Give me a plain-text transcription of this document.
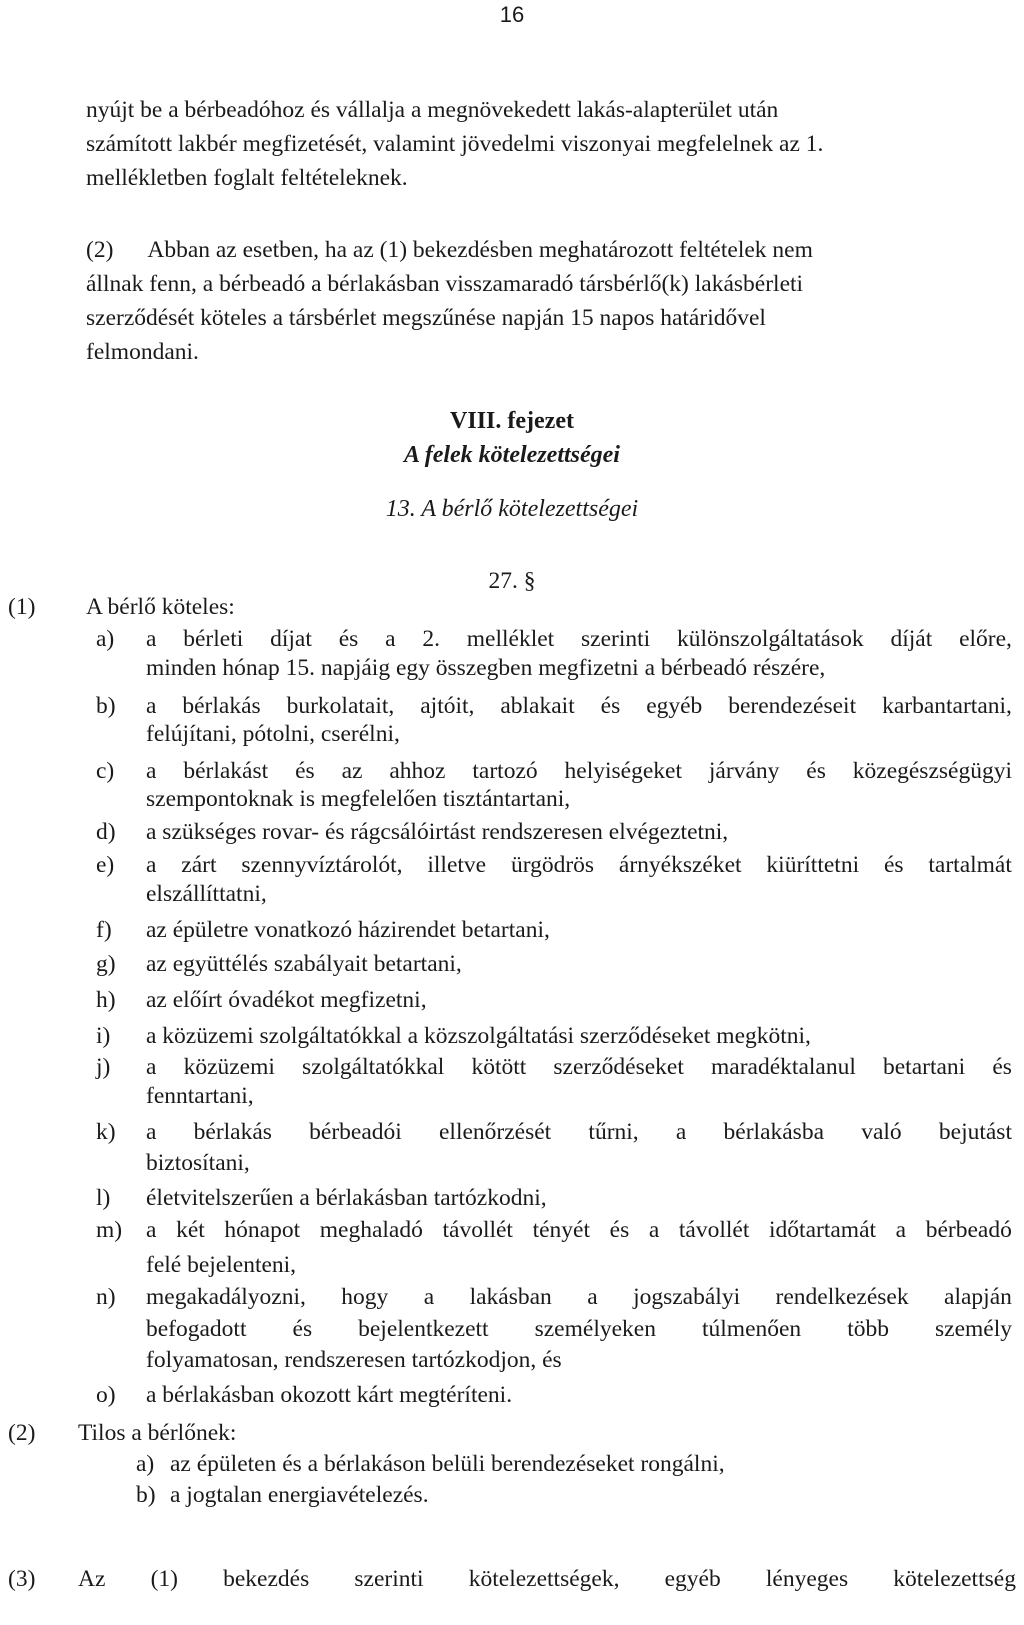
16
nyújt be a bérbeadóhoz és vállalja a megnövekedett lakás-alapterület után
számított lakbér megfizetését, valamint jövedelmi viszonyai megfelelnek az 1.
mellékletben foglalt feltételeknek.
(2)      Abban az esetben, ha az (1) bekezdésben meghatározott feltételek nem
állnak fenn, a bérbeadó a bérlakásban visszamaradó társbérlő(k) lakásbérleti
szerződését köteles a társbérlet megszűnése napján 15 napos határidővel
felmondani.
VIII. fejezet
A felek kötelezettségei
13. A bérlő kötelezettségei
27. §
(1) A bérlő köteles:
a) a bérleti díjat és a 2. melléklet szerinti különszolgáltatások díját előre,
minden hónap 15. napjáig egy összegben megfizetni a bérbeadó részére,
b) a bérlakás burkolatait, ajtóit, ablakait és egyéb berendezéseit karbantartani,
felújítani, pótolni, cserélni,
c) a bérlakást és az ahhoz tartozó helyiségeket járvány és közegészségügyi
szempontoknak is megfelelően tisztántartani,
d) a szükséges rovar- és rágcsálóirtást rendszeresen elvégeztetni,
e) a zárt szennyvíztárolót, illetve ürgödrös árnyékszéket kiüríttetni és tartalmát
elszállíttatni,
f) az épületre vonatkozó házirendet betartani,
g) az együttélés szabályait betartani,
h) az előírt óvadékot megfizetni,
i) a közüzemi szolgáltatókkal a közszolgáltatási szerződéseket megkötni,
j) a közüzemi szolgáltatókkal kötött szerződéseket maradéktalanul betartani és
fenntartani,
k) a bérlakás bérbeadói ellenőrzését tűrni, a bérlakásba való bejutást
biztosítani,
l) életvitelszerűen a bérlakásban tartózkodni,
m) a két hónapot meghaladó távollét tényét és a távollét időtartamát a bérbeadó
felé bejelenteni,
n) megakadályozni, hogy a lakásban a jogszabályi rendelkezések alapján
befogadott és bejelentkezett személyeken túlmenően több személy
folyamatosan, rendszeresen tartózkodjon, és
o) a bérlakásban okozott kárt megtéríteni.
(2) Tilos a bérlőnek:
a) az épületen és a bérlakáson belüli berendezéseket rongálni,
b) a jogtalan energiavételezés.
(3) Az (1) bekezdés szerinti kötelezettségek, egyéb lényeges kötelezettség
